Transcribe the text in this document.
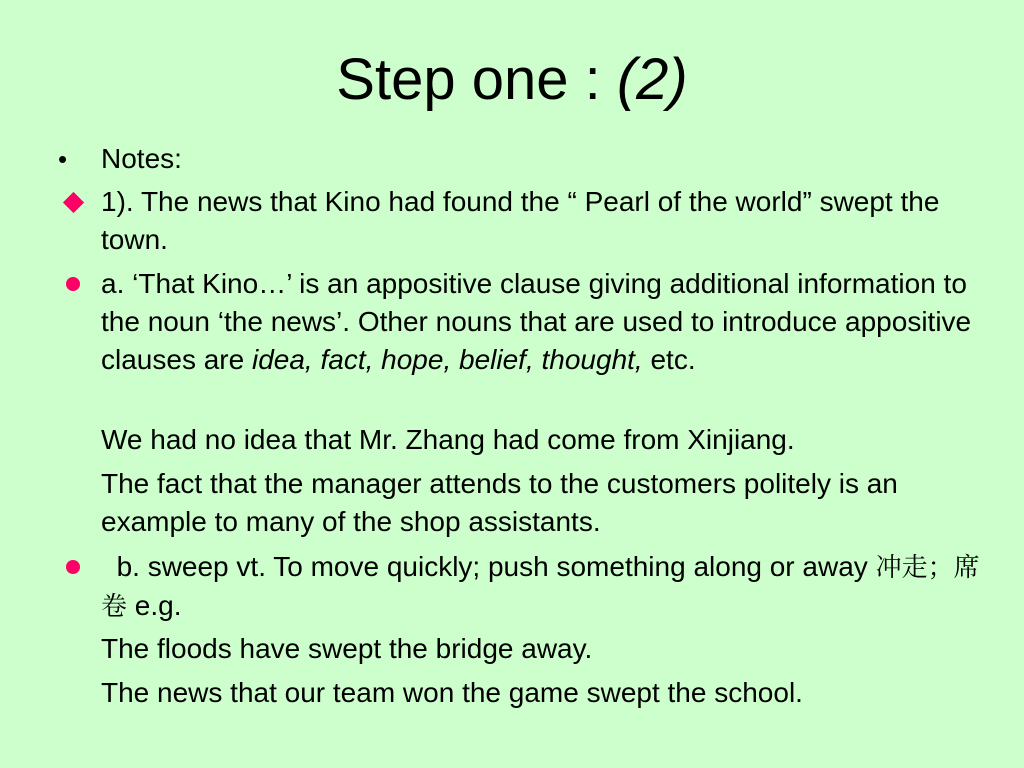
Step one : (2)
• Notes:
1). The news that Kino had found the “ Pearl of the world” swept the town.
a. ‘That Kino…’ is an appositive clause giving additional information to the noun ‘the news’. Other nouns that are used to introduce appositive clauses are idea, fact, hope, belief, thought, etc.
We had no idea that Mr. Zhang had come from Xinjiang.
The fact that the manager attends to the customers politely is an example to many of the shop assistants.
b. sweep vt. To move quickly; push something along or away 冲走；席卷 e.g.
The floods have swept the bridge away.
The news that our team won the game swept the school.
